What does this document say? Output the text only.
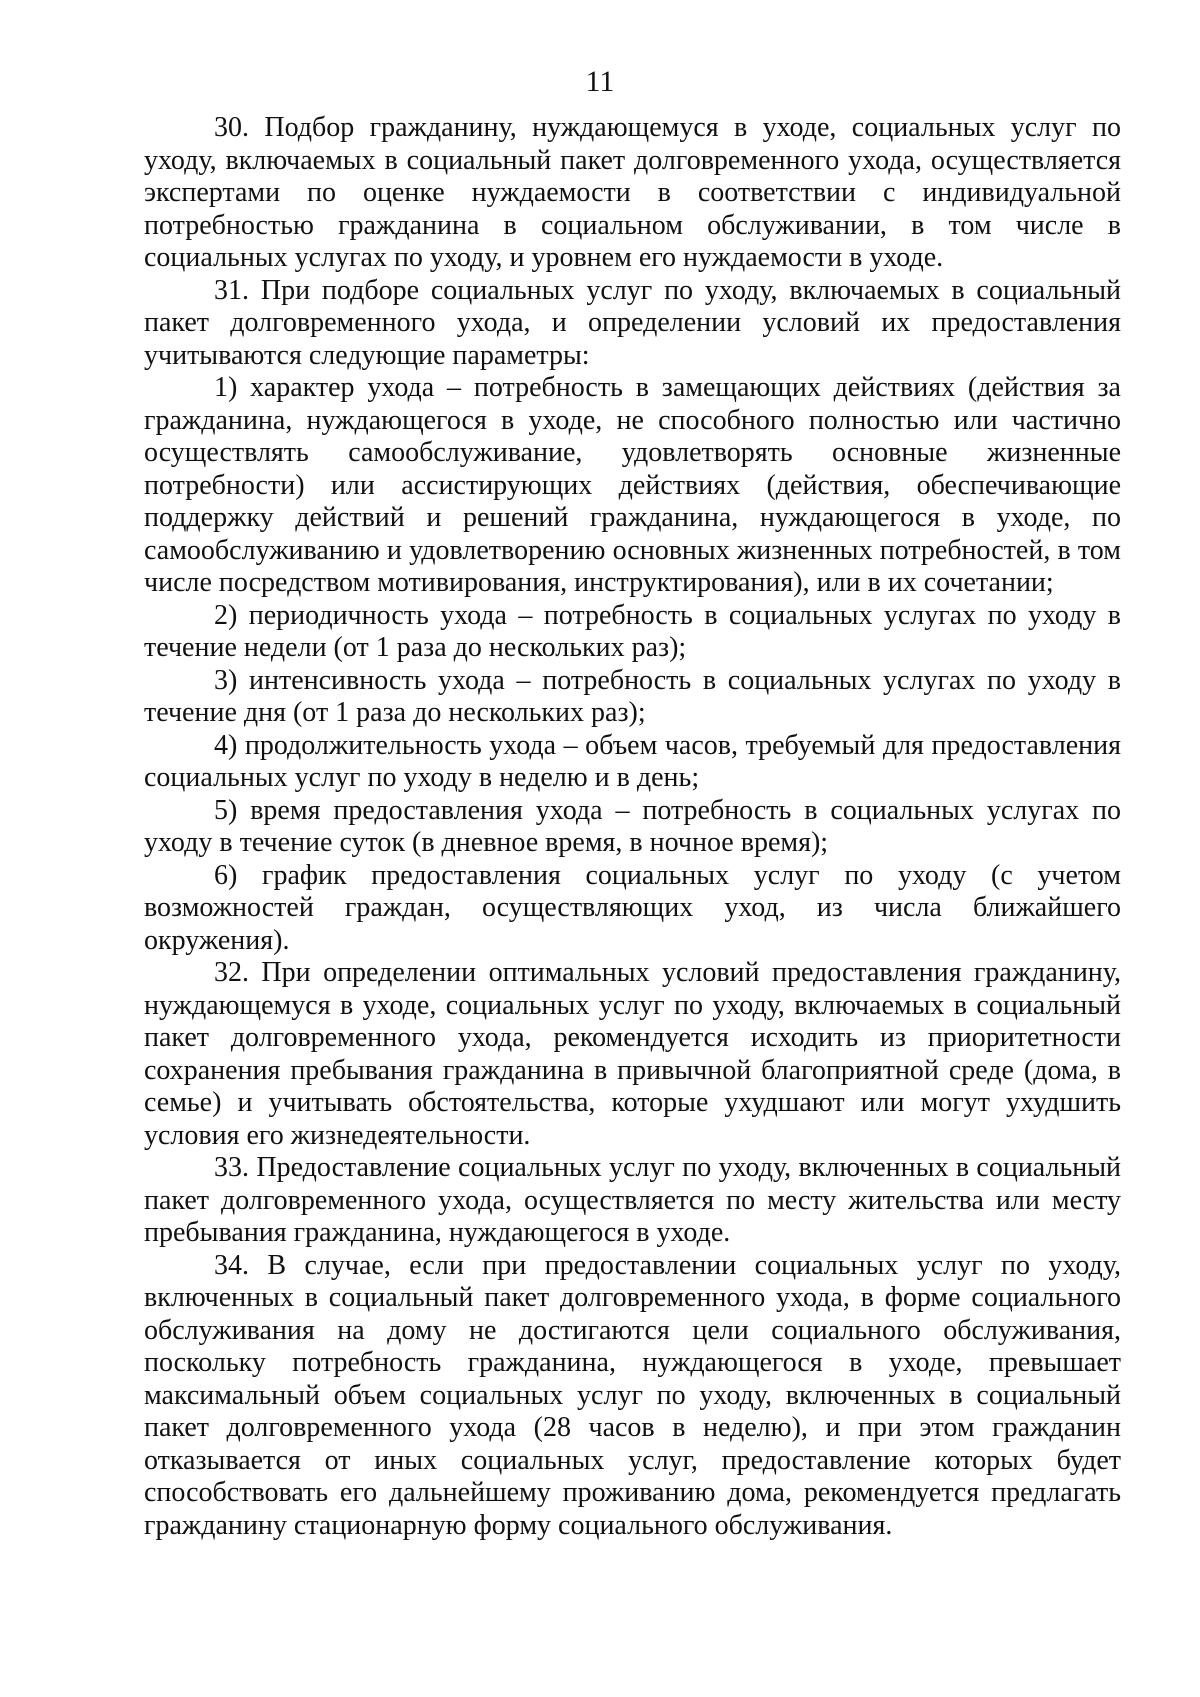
11

30. Подбор гражданину, нуждающемуся в уходе, социальных услуг по уходу, включаемых в социальный пакет долговременного ухода, осуществляется экспертами по оценке нуждаемости в соответствии с индивидуальной потребностью гражданина в социальном обслуживании, в том числе в социальных услугах по уходу, и уровнем его нуждаемости в уходе.

31. При подборе социальных услуг по уходу, включаемых в социальный пакет долговременного ухода, и определении условий их предоставления учитываются следующие параметры:

1) характер ухода – потребность в замещающих действиях (действия за гражданина, нуждающегося в уходе, не способного полностью или частично осуществлять самообслуживание, удовлетворять основные жизненные потребности) или ассистирующих действиях (действия, обеспечивающие поддержку действий и решений гражданина, нуждающегося в уходе, по самообслуживанию и удовлетворению основных жизненных потребностей, в том числе посредством мотивирования, инструктирования), или в их сочетании;

2) периодичность ухода – потребность в социальных услугах по уходу в течение недели (от 1 раза до нескольких раз);

3) интенсивность ухода – потребность в социальных услугах по уходу в течение дня (от 1 раза до нескольких раз);

4) продолжительность ухода – объем часов, требуемый для предоставления социальных услуг по уходу в неделю и в день;

5) время предоставления ухода – потребность в социальных услугах по уходу в течение суток (в дневное время, в ночное время);

6) график предоставления социальных услуг по уходу (с учетом возможностей граждан, осуществляющих уход, из числа ближайшего окружения).

32. При определении оптимальных условий предоставления гражданину, нуждающемуся в уходе, социальных услуг по уходу, включаемых в социальный пакет долговременного ухода, рекомендуется исходить из приоритетности сохранения пребывания гражданина в привычной благоприятной среде (дома, в семье) и учитывать обстоятельства, которые ухудшают или могут ухудшить условия его жизнедеятельности.

33. Предоставление социальных услуг по уходу, включенных в социальный пакет долговременного ухода, осуществляется по месту жительства или месту пребывания гражданина, нуждающегося в уходе.

34. В случае, если при предоставлении социальных услуг по уходу, включенных в социальный пакет долговременного ухода, в форме социального обслуживания на дому не достигаются цели социального обслуживания, поскольку потребность гражданина, нуждающегося в уходе, превышает максимальный объем социальных услуг по уходу, включенных в социальный пакет долговременного ухода (28 часов в неделю), и при этом гражданин отказывается от иных социальных услуг, предоставление которых будет способствовать его дальнейшему проживанию дома, рекомендуется предлагать гражданину стационарную форму социального обслуживания.
